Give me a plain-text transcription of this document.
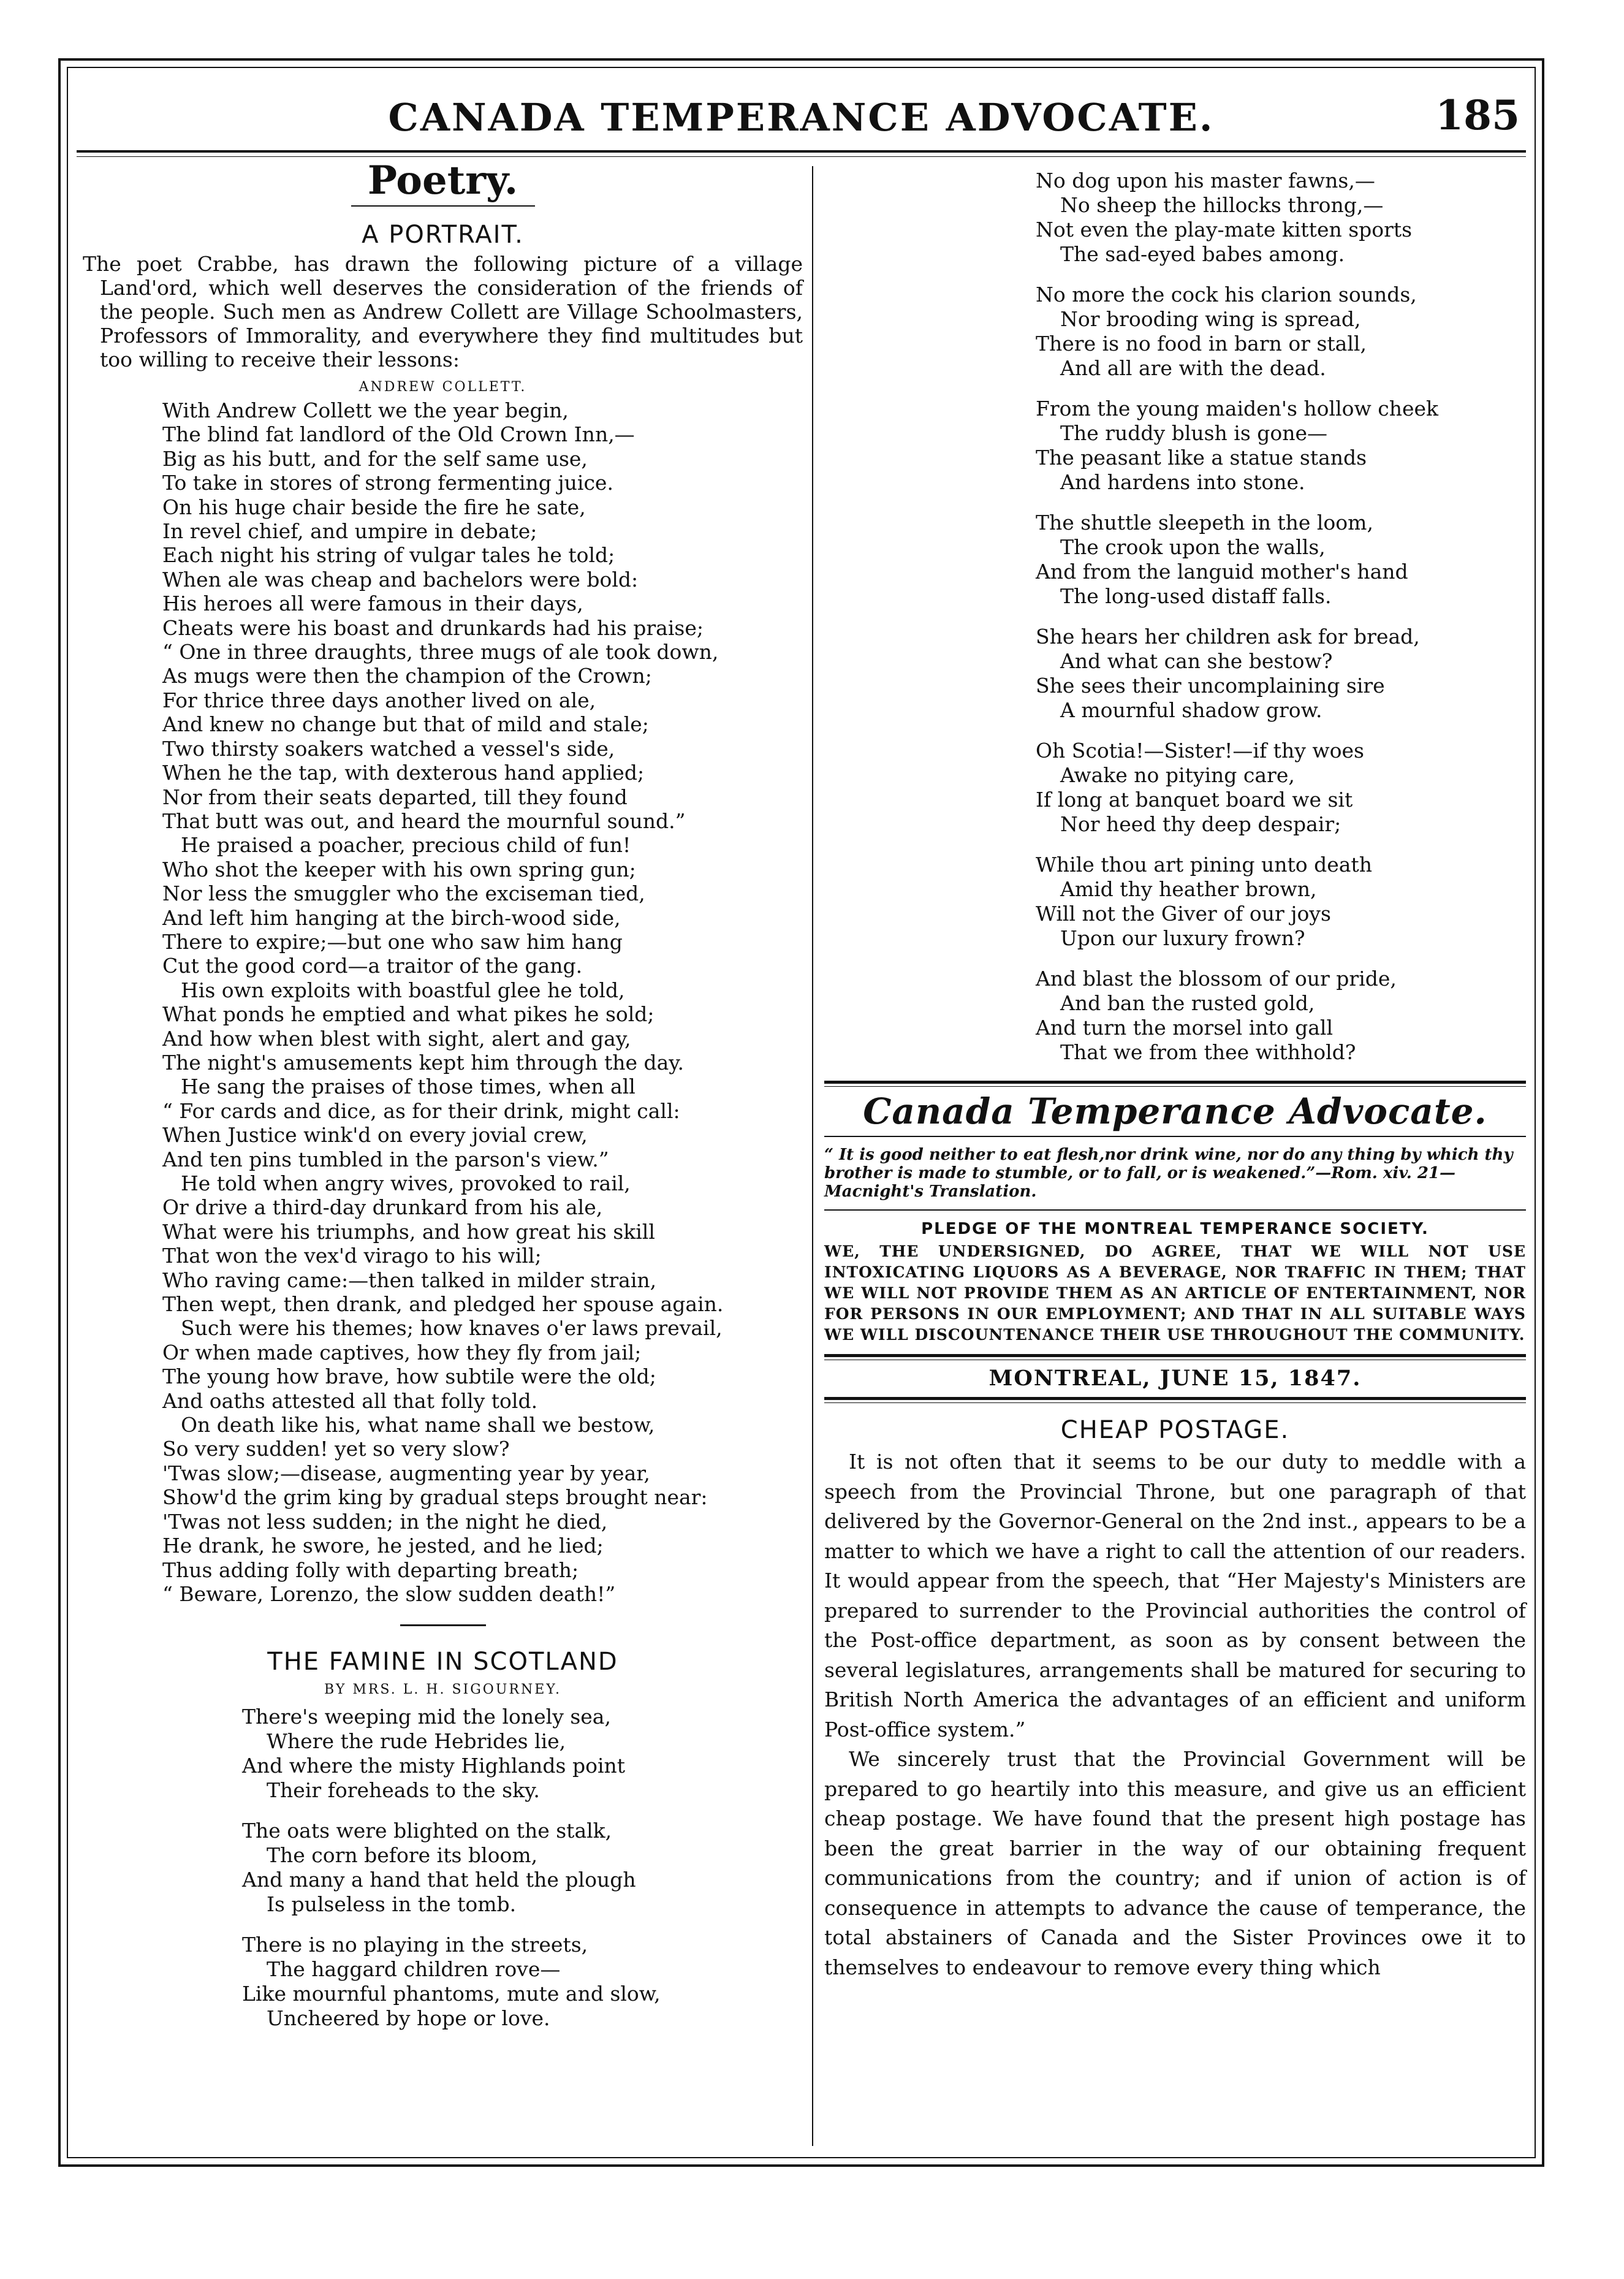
CANADA TEMPERANCE ADVOCATE.	185
Poetry.
A PORTRAIT.

The poet Crabbe, has drawn the following picture of a village Land'ord, which well deserves the consideration of the friends of the people. Such men as Andrew Collett are Village Schoolmasters, Professors of Immorality, and everywhere they find multitudes but too willing to receive their lessons:

ANDREW COLLETT.
With Andrew Collett we the year begin,
The blind fat landlord of the Old Crown Inn,—
Big as his butt, and for the self same use,
To take in stores of strong fermenting juice.
On his huge chair beside the fire he sate,
In revel chief, and umpire in debate;
Each night his string of vulgar tales he told;
When ale was cheap and bachelors were bold:
His heroes all were famous in their days,
Cheats were his boast and drunkards had his praise;
“ One in three draughts, three mugs of ale took down,
As mugs were then the champion of the Crown;
For thrice three days another lived on ale,
And knew no change but that of mild and stale;
Two thirsty soakers watched a vessel's side,
When he the tap, with dexterous hand applied;
Nor from their seats departed, till they found
That butt was out, and heard the mournful sound.”
He praised a poacher, precious child of fun!
Who shot the keeper with his own spring gun;
Nor less the smuggler who the exciseman tied,
And left him hanging at the birch-wood side,
There to expire;—but one who saw him hang
Cut the good cord—a traitor of the gang.
His own exploits with boastful glee he told,
What ponds he emptied and what pikes he sold;
And how when blest with sight, alert and gay,
The night's amusements kept him through the day.
He sang the praises of those times, when all
“ For cards and dice, as for their drink, might call:
When Justice wink'd on every jovial crew,
And ten pins tumbled in the parson's view.”
He told when angry wives, provoked to rail,
Or drive a third-day drunkard from his ale,
What were his triumphs, and how great his skill
That won the vex'd virago to his will;
Who raving came:—then talked in milder strain,
Then wept, then drank, and pledged her spouse again.
Such were his themes; how knaves o'er laws prevail,
Or when made captives, how they fly from jail;
The young how brave, how subtile were the old;
And oaths attested all that folly told.
On death like his, what name shall we bestow,
So very sudden! yet so very slow?
'Twas slow;—disease, augmenting year by year,
Show'd the grim king by gradual steps brought near:
'Twas not less sudden; in the night he died,
He drank, he swore, he jested, and he lied;
Thus adding folly with departing breath;
“ Beware, Lorenzo, the slow sudden death!”
THE FAMINE IN SCOTLAND
BY MRS. L. H. SIGOURNEY.
There's weeping mid the lonely sea,
Where the rude Hebrides lie,
And where the misty Highlands point
Their foreheads to the sky.
The oats were blighted on the stalk,
The corn before its bloom,
And many a hand that held the plough
Is pulseless in the tomb.
There is no playing in the streets,
The haggard children rove—
Like mournful phantoms, mute and slow,
Uncheered by hope or love.
No dog upon his master fawns,—
No sheep the hillocks throng,—
Not even the play-mate kitten sports
The sad-eyed babes among.
No more the cock his clarion sounds,
Nor brooding wing is spread,
There is no food in barn or stall,
And all are with the dead.
From the young maiden's hollow cheek
The ruddy blush is gone—
The peasant like a statue stands
And hardens into stone.
The shuttle sleepeth in the loom,
The crook upon the walls,
And from the languid mother's hand
The long-used distaff falls.
She hears her children ask for bread,
And what can she bestow?
She sees their uncomplaining sire
A mournful shadow grow.
Oh Scotia!—Sister!—if thy woes
Awake no pitying care,
If long at banquet board we sit
Nor heed thy deep despair;
While thou art pining unto death
Amid thy heather brown,
Will not the Giver of our joys
Upon our luxury frown?
And blast the blossom of our pride,
And ban the rusted gold,
And turn the morsel into gall
That we from thee withhold?
Canada Temperance Advocate.

“ It is good neither to eat flesh,nor drink wine, nor do any thing by which thy brother is made to stumble, or to fall, or is weakened.”—Rom. xiv. 21— Macnight's Translation.

PLEDGE OF THE MONTREAL TEMPERANCE SOCIETY.

WE, THE UNDERSIGNED, DO AGREE, THAT WE WILL NOT USE INTOXICATING LIQUORS AS A BEVERAGE, NOR TRAFFIC IN THEM; THAT WE WILL NOT PROVIDE THEM AS AN ARTICLE OF ENTERTAINMENT, NOR FOR PERSONS IN OUR EMPLOYMENT; AND THAT IN ALL SUITABLE WAYS WE WILL DISCOUNTENANCE THEIR USE THROUGHOUT THE COMMUNITY.

MONTREAL, JUNE 15, 1847.
CHEAP POSTAGE.

It is not often that it seems to be our duty to meddle with a speech from the Provincial Throne, but one paragraph of that delivered by the Governor-General on the 2nd inst., appears to be a matter to which we have a right to call the attention of our readers. It would appear from the speech, that “Her Majesty's Ministers are prepared to surrender to the Provincial authorities the control of the Post-office department, as soon as by consent between the several legislatures, arrangements shall be matured for securing to British North America the advantages of an efficient and uniform Post-office system.”

We sincerely trust that the Provincial Government will be prepared to go heartily into this measure, and give us an efficient cheap postage. We have found that the present high postage has been the great barrier in the way of our obtaining frequent communications from the country; and if union of action is of consequence in attempts to advance the cause of temperance, the total abstainers of Canada and the Sister Provinces owe it to themselves to endeavour to remove every thing which
